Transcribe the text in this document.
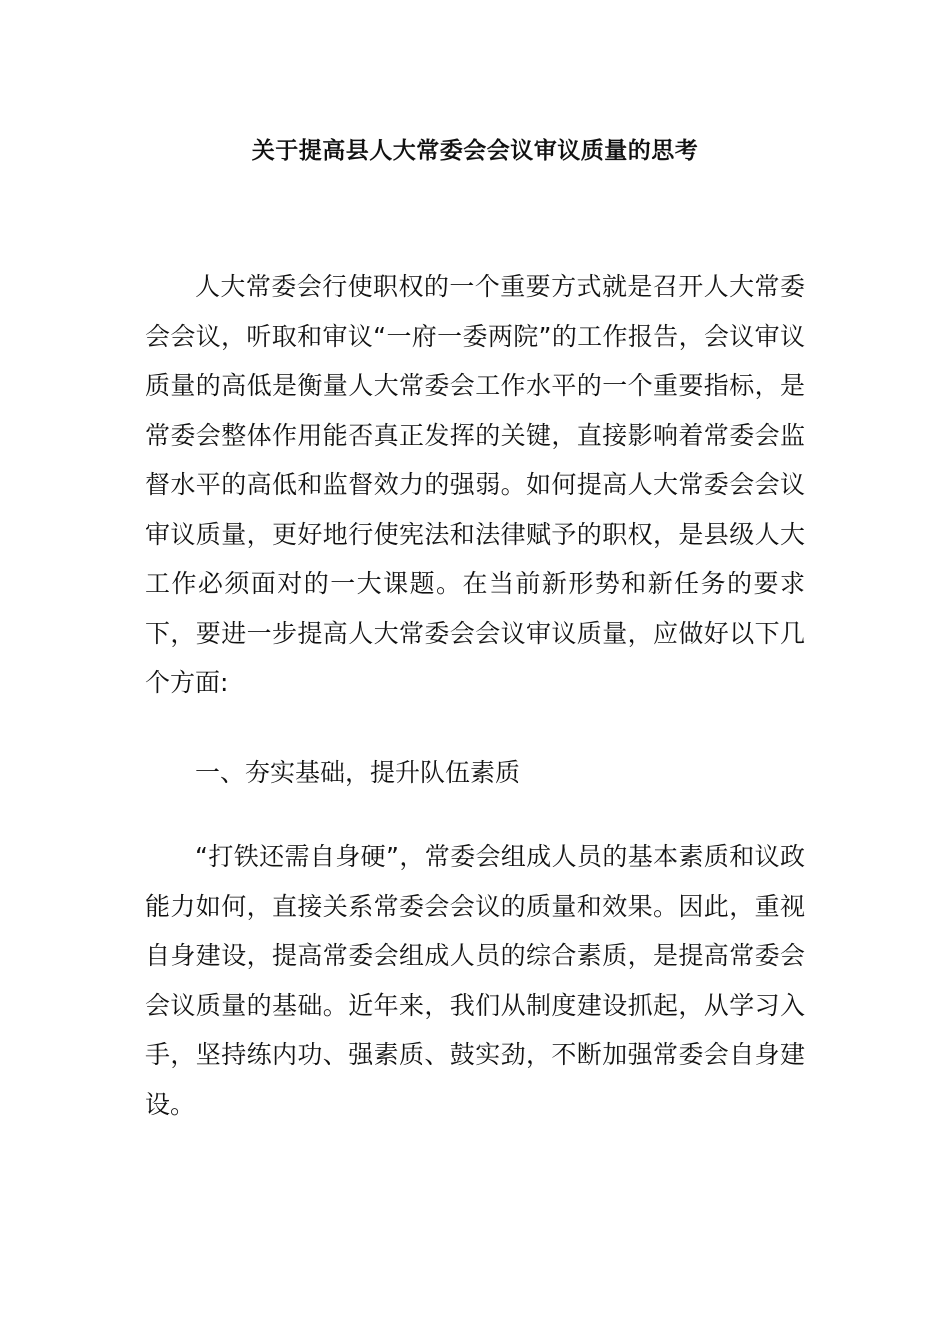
关于提高县人大常委会会议审议质量的思考

人大常委会行使职权的一个重要方式就是召开人大常委会会议，听取和审议“一府一委两院”的工作报告，会议审议质量的高低是衡量人大常委会工作水平的一个重要指标，是常委会整体作用能否真正发挥的关键，直接影响着常委会监督水平的高低和监督效力的强弱。如何提高人大常委会会议审议质量，更好地行使宪法和法律赋予的职权，是县级人大工作必须面对的一大课题。在当前新形势和新任务的要求下，要进一步提高人大常委会会议审议质量，应做好以下几个方面:

一、夯实基础，提升队伍素质

“打铁还需自身硬”，常委会组成人员的基本素质和议政能力如何，直接关系常委会会议的质量和效果。因此，重视自身建设，提高常委会组成人员的综合素质，是提高常委会会议质量的基础。近年来，我们从制度建设抓起，从学习入手，坚持练内功、强素质、鼓实劲，不断加强常委会自身建设。
